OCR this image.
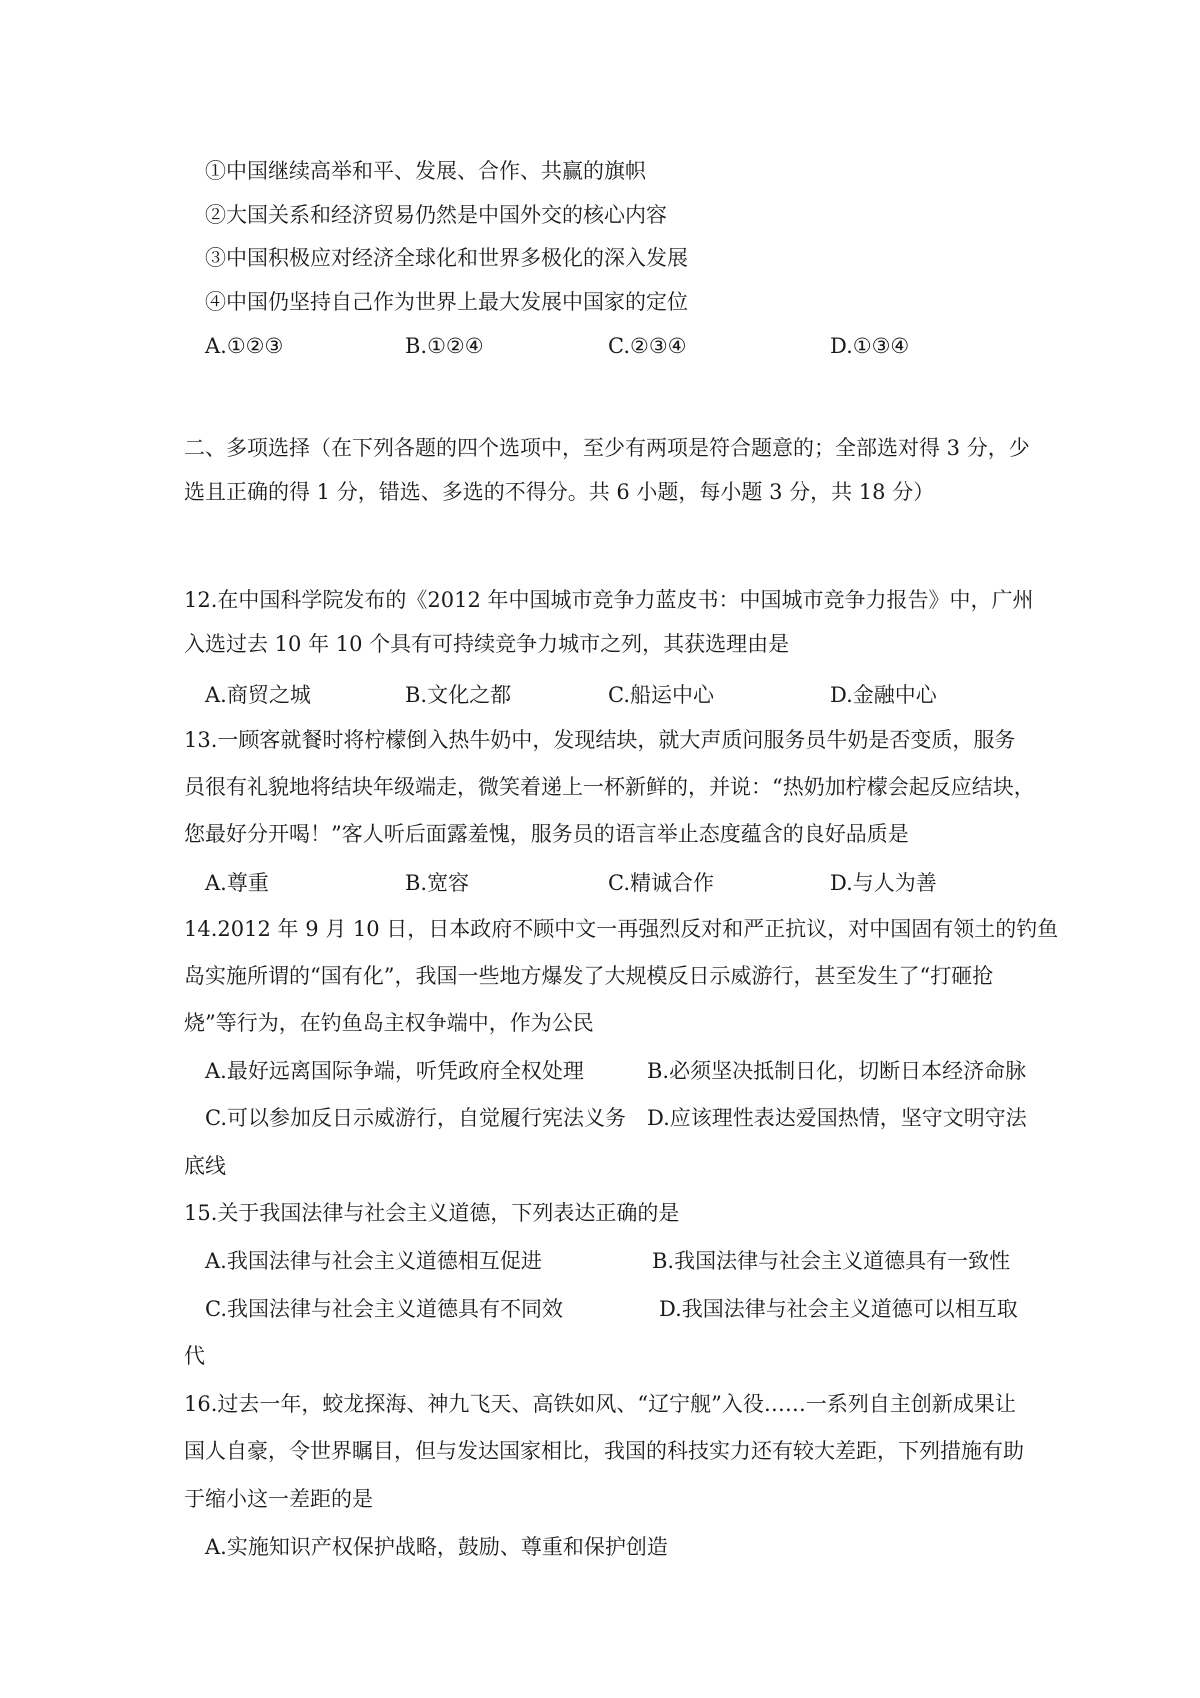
①中国继续高举和平、发展、合作、共赢的旗帜
②大国关系和经济贸易仍然是中国外交的核心内容
③中国积极应对经济全球化和世界多极化的深入发展
④中国仍坚持自己作为世界上最大发展中国家的定位
A.①②③	B.①②④	C.②③④	D.①③④
二、多项选择（在下列各题的四个选项中，至少有两项是符合题意的；全部选对得 3 分，少
选且正确的得 1 分，错选、多选的不得分。共 6 小题，每小题 3 分，共 18 分）
12.在中国科学院发布的《2012 年中国城市竞争力蓝皮书：中国城市竞争力报告》中，广州
入选过去 10 年 10 个具有可持续竞争力城市之列，其获选理由是
A.商贸之城	B.文化之都	C.船运中心	D.金融中心
13.一顾客就餐时将柠檬倒入热牛奶中，发现结块，就大声质问服务员牛奶是否变质，服务
员很有礼貌地将结块年级端走，微笑着递上一杯新鲜的，并说：“热奶加柠檬会起反应结块，
您最好分开喝！”客人听后面露羞愧，服务员的语言举止态度蕴含的良好品质是
A.尊重	B.宽容	C.精诚合作	D.与人为善
14.2012 年 9 月 10 日，日本政府不顾中文一再强烈反对和严正抗议，对中国固有领土的钓鱼
岛实施所谓的“国有化”，我国一些地方爆发了大规模反日示威游行，甚至发生了“打砸抢
烧”等行为，在钓鱼岛主权争端中，作为公民
A.最好远离国际争端，听凭政府全权处理	B.必须坚决抵制日化，切断日本经济命脉
C.可以参加反日示威游行，自觉履行宪法义务 D.应该理性表达爱国热情，坚守文明守法
底线
15.关于我国法律与社会主义道德，下列表达正确的是
A.我国法律与社会主义道德相互促进	B.我国法律与社会主义道德具有一致性
C.我国法律与社会主义道德具有不同效	D.我国法律与社会主义道德可以相互取
代
16.过去一年，蛟龙探海、神九飞天、高铁如风、“辽宁舰”入役……一系列自主创新成果让
国人自豪，令世界瞩目，但与发达国家相比，我国的科技实力还有较大差距，下列措施有助
于缩小这一差距的是
A.实施知识产权保护战略，鼓励、尊重和保护创造
